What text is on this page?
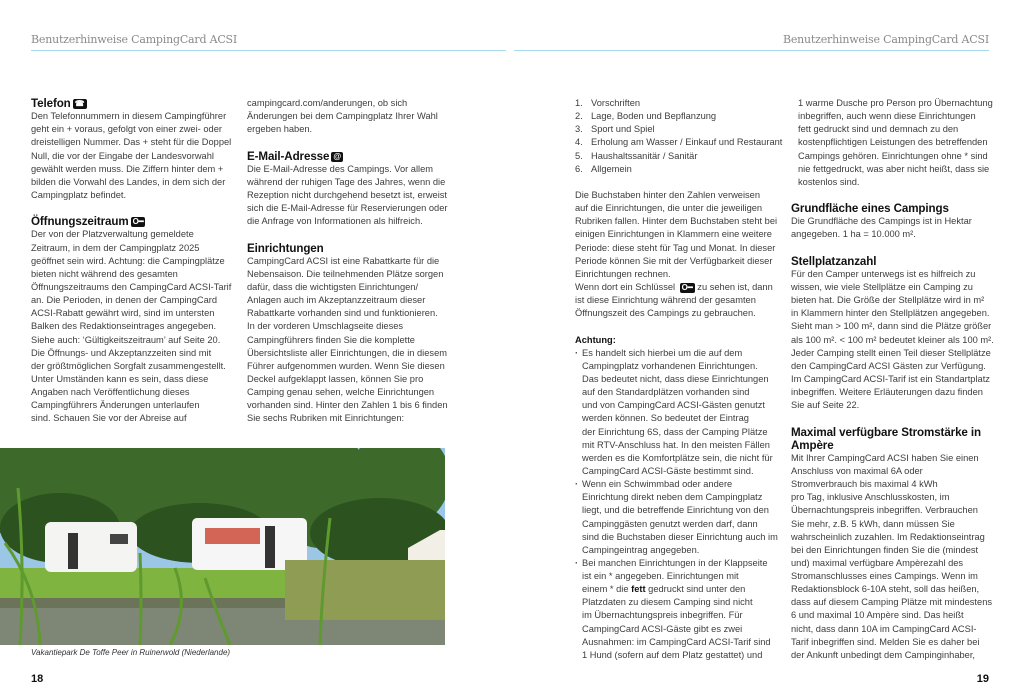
Benutzerhinweise CampingCard ACSI	Benutzerhinweise CampingCard ACSI
Telefon ☎
Den Telefonnummern in diesem Campingführer
geht ein + voraus, gefolgt von einer zwei- oder
dreistelligen Nummer. Das + steht für die Doppel
Null, die vor der Eingabe der Landesvorwahl
gewählt werden muss. Die Ziffern hinter dem +
bilden die Vorwahl des Landes, in dem sich der
Campingplatz befindet.
Öffnungszeitraum O━
Der von der Platzverwaltung gemeldete
Zeitraum, in dem der Campingplatz 2025
geöffnet sein wird. Achtung: die Campingplätze
bieten nicht während des gesamten
Öffnungszeitraums den CampingCard ACSI-Tarif
an. Die Perioden, in denen der CampingCard
ACSI-Rabatt gewährt wird, sind im untersten
Balken des Redaktionseintrages angegeben.
Siehe auch: ‘Gültigkeitszeitraum’ auf Seite 20.
Die Öffnungs- und Akzeptanzzeiten sind mit
der größtmöglichen Sorgfalt zusammengestellt.
Unter Umständen kann es sein, dass diese
Angaben nach Veröffentlichung dieses
Campingführers Änderungen unterlaufen
sind. Schauen Sie vor der Abreise auf
campingcard.com/anderungen, ob sich
Änderungen bei dem Campingplatz Ihrer Wahl
ergeben haben.
E-Mail-Adresse @
Die E-Mail-Adresse des Campings. Vor allem
während der ruhigen Tage des Jahres, wenn die
Rezeption nicht durchgehend besetzt ist, erweist
sich die E-Mail-Adresse für Reservierungen oder
die Anfrage von Informationen als hilfreich.
Einrichtungen
CampingCard ACSI ist eine Rabattkarte für die
Nebensaison. Die teilnehmenden Plätze sorgen
dafür, dass die wichtigsten Einrichtungen/
Anlagen auch im Akzeptanzzeitraum dieser
Rabattkarte vorhanden sind und funktionieren.
In der vorderen Umschlagseite dieses
Campingführers finden Sie die komplette
Übersichtsliste aller Einrichtungen, die in diesem
Führer aufgenommen wurden. Wenn Sie diesen
Deckel aufgeklappt lassen, können Sie pro
Camping genau sehen, welche Einrichtungen
vorhanden sind. Hinter den Zahlen 1 bis 6 finden
Sie sechs Rubriken mit Einrichtungen:
1. Vorschriften
2. Lage, Boden und Bepflanzung
3. Sport und Spiel
4. Erholung am Wasser / Einkauf und Restaurant
5. Haushaltssanitär / Sanitär
6. Allgemein
Die Buchstaben hinter den Zahlen verweisen
auf die Einrichtungen, die unter die jeweiligen
Rubriken fallen. Hinter dem Buchstaben steht bei
einigen Einrichtungen in Klammern eine weitere
Periode: diese steht für Tag und Monat. In dieser
Periode können Sie mit der Verfügbarkeit dieser
Einrichtungen rechnen.
Wenn dort ein Schlüssel O━ zu sehen ist, dann
ist diese Einrichtung während der gesamten
Öffnungszeit des Campings zu gebrauchen.
Achtung:
· Es handelt sich hierbei um die auf dem
Campingplatz vorhandenen Einrichtungen.
Das bedeutet nicht, dass diese Einrichtungen
auf den Standardplätzen vorhanden sind
und von CampingCard ACSI-Gästen genutzt
werden können. So bedeutet der Eintrag
der Einrichtung 6S, dass der Camping Plätze
mit RTV-Anschluss hat. In den meisten Fällen
werden es die Komfortplätze sein, die nicht für
CampingCard ACSI-Gäste bestimmt sind.
· Wenn ein Schwimmbad oder andere
Einrichtung direkt neben dem Campingplatz
liegt, und die betreffende Einrichtung von den
Campinggästen genutzt werden darf, dann
sind die Buchstaben dieser Einrichtung auch im
Campingeintrag angegeben.
· Bei manchen Einrichtungen in der Klappseite
ist ein * angegeben. Einrichtungen mit
einem * die fett gedruckt sind unter den
Platzdaten zu diesem Camping sind nicht
im Übernachtungspreis inbegriffen. Für
CampingCard ACSI-Gäste gibt es zwei
Ausnahmen: im CampingCard ACSI-Tarif sind
1 Hund (sofern auf dem Platz gestattet) und
1 warme Dusche pro Person pro Übernachtung
inbegriffen, auch wenn diese Einrichtungen
fett gedruckt sind und demnach zu den
kostenpflichtigen Leistungen des betreffenden
Campings gehören. Einrichtungen ohne * sind
nie fettgedruckt, was aber nicht heißt, dass sie
kostenlos sind.
Grundfläche eines Campings
Die Grundfläche des Campings ist in Hektar
angegeben. 1 ha = 10.000 m².
Stellplatzanzahl
Für den Camper unterwegs ist es hilfreich zu
wissen, wie viele Stellplätze ein Camping zu
bieten hat. Die Größe der Stellplätze wird in m²
in Klammern hinter den Stellplätzen angegeben.
Sieht man > 100 m², dann sind die Plätze größer
als 100 m². < 100 m² bedeutet kleiner als 100 m².
Jeder Camping stellt einen Teil dieser Stellplätze
den CampingCard ACSI Gästen zur Verfügung.
Im CampingCard ACSI-Tarif ist ein Standartplatz
inbegriffen. Weitere Erläuterungen dazu finden
Sie auf Seite 22.
Maximal verfügbare Stromstärke in
Ampère
Mit Ihrer CampingCard ACSI haben Sie einen
Anschluss von maximal 6A oder
Stromverbrauch bis maximal 4 kWh
pro Tag, inklusive Anschlusskosten, im
Übernachtungspreis inbegriffen. Verbrauchen
Sie mehr, z.B. 5 kWh, dann müssen Sie
wahrscheinlich zuzahlen. Im Redaktionseintrag
bei den Einrichtungen finden Sie die (mindest
und) maximal verfügbare Ampèrezahl des
Stromanschlusses eines Campings. Wenn im
Redaktionsblock 6-10A steht, soll das heißen,
dass auf diesem Camping Plätze mit mindestens
6 und maximal 10 Ampère sind. Das heißt
nicht, dass dann 10A im CampingCard ACSI-
Tarif inbegriffen sind. Melden Sie es daher bei
der Ankunft unbedingt dem Campinginhaber,
Vakantiepark De Toffe Peer in Ruinerwold (Niederlande)
18	19
